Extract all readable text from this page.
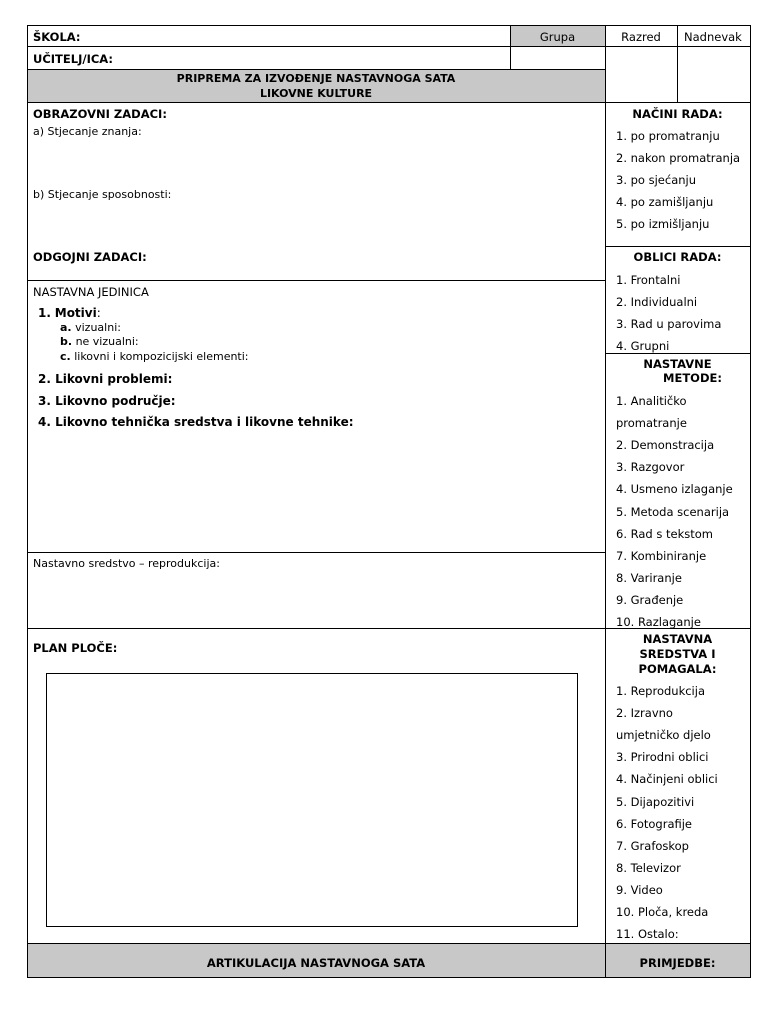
ŠKOLA:	Grupa	Razred	Nadnevak
UČITELJ/ICA:
PRIPREMA ZA IZVOĐENJE NASTAVNOGA SATA
LIKOVNE KULTURE
OBRAZOVNI ZADACI:
a) Stjecanje znanja:
b) Stjecanje sposobnosti:
ODGOJNI ZADACI:
NASTAVNA JEDINICA
1. Motivi:
a. vizualni:
b. ne vizualni:
c. likovni i kompozicijski elementi:
2. Likovni problemi:
3. Likovno područje:
4. Likovno tehnička sredstva i likovne tehnike:
Nastavno sredstvo – reprodukcija:
PLAN PLOČE:
ARTIKULACIJA NASTAVNOGA SATA
NAČINI RADA:
1. po promatranju
2. nakon promatranja
3. po sjećanju
4. po zamišljanju
5. po izmišljanju
OBLICI RADA:
1. Frontalni
2. Individualni
3. Rad u parovima
4. Grupni
NASTAVNE
METODE:
1. Analitičko
promatranje
2. Demonstracija
3. Razgovor
4. Usmeno izlaganje
5. Metoda scenarija
6. Rad s tekstom
7. Kombiniranje
8. Variranje
9. Građenje
10. Razlaganje
NASTAVNA
SREDSTVA I
POMAGALA:
1. Reprodukcija
2. Izravno
umjetničko djelo
3. Prirodni oblici
4. Načinjeni oblici
5. Dijapozitivi
6. Fotografije
7. Grafoskop
8. Televizor
9. Video
10. Ploča, kreda
11. Ostalo:
PRIMJEDBE:
